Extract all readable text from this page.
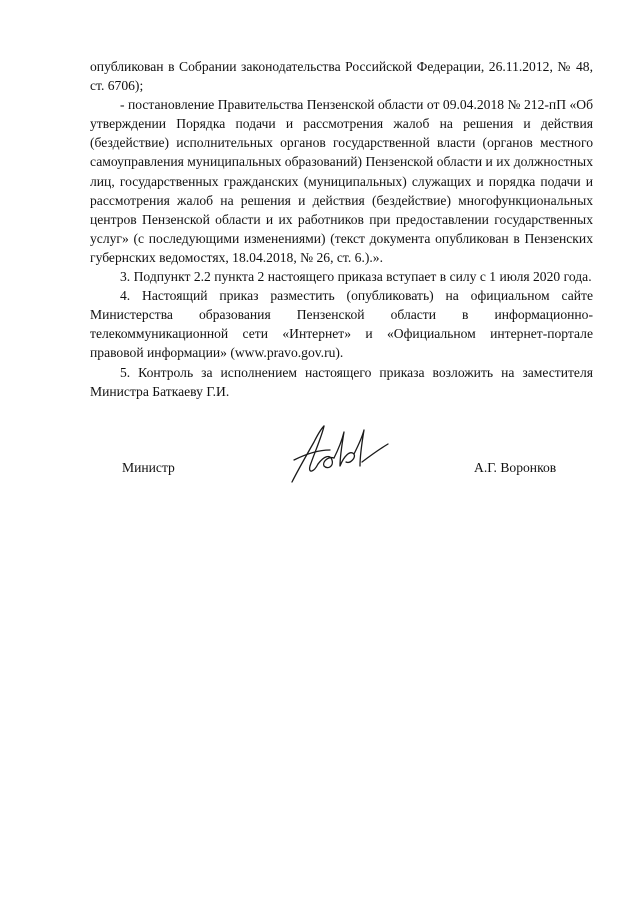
опубликован в Собрании законодательства Российской Федерации, 26.11.2012, № 48, ст. 6706);

- постановление Правительства Пензенской области от 09.04.2018 № 212-пП «Об утверждении Порядка подачи и рассмотрения жалоб на решения и действия (бездействие) исполнительных органов государственной власти (органов местного самоуправления муниципальных образований) Пензенской области и их должностных лиц, государственных гражданских (муниципальных) служащих и порядка подачи и рассмотрения жалоб на решения и действия (бездействие) многофункциональных центров Пензенской области и их работников при предоставлении государственных услуг» (с последующими изменениями) (текст документа опубликован в Пензенских губернских ведомостях, 18.04.2018, № 26, ст. 6.).».

3. Подпункт 2.2 пункта 2 настоящего приказа вступает в силу с 1 июля 2020 года.

4. Настоящий приказ разместить (опубликовать) на официальном сайте Министерства образования Пензенской области в информационно-телекоммуникационной сети «Интернет» и «Официальном интернет-портале правовой информации» (www.pravo.gov.ru).

5. Контроль за исполнением настоящего приказа возложить на заместителя Министра Баткаеву Г.И.

Министр	А.Г. Воронков
